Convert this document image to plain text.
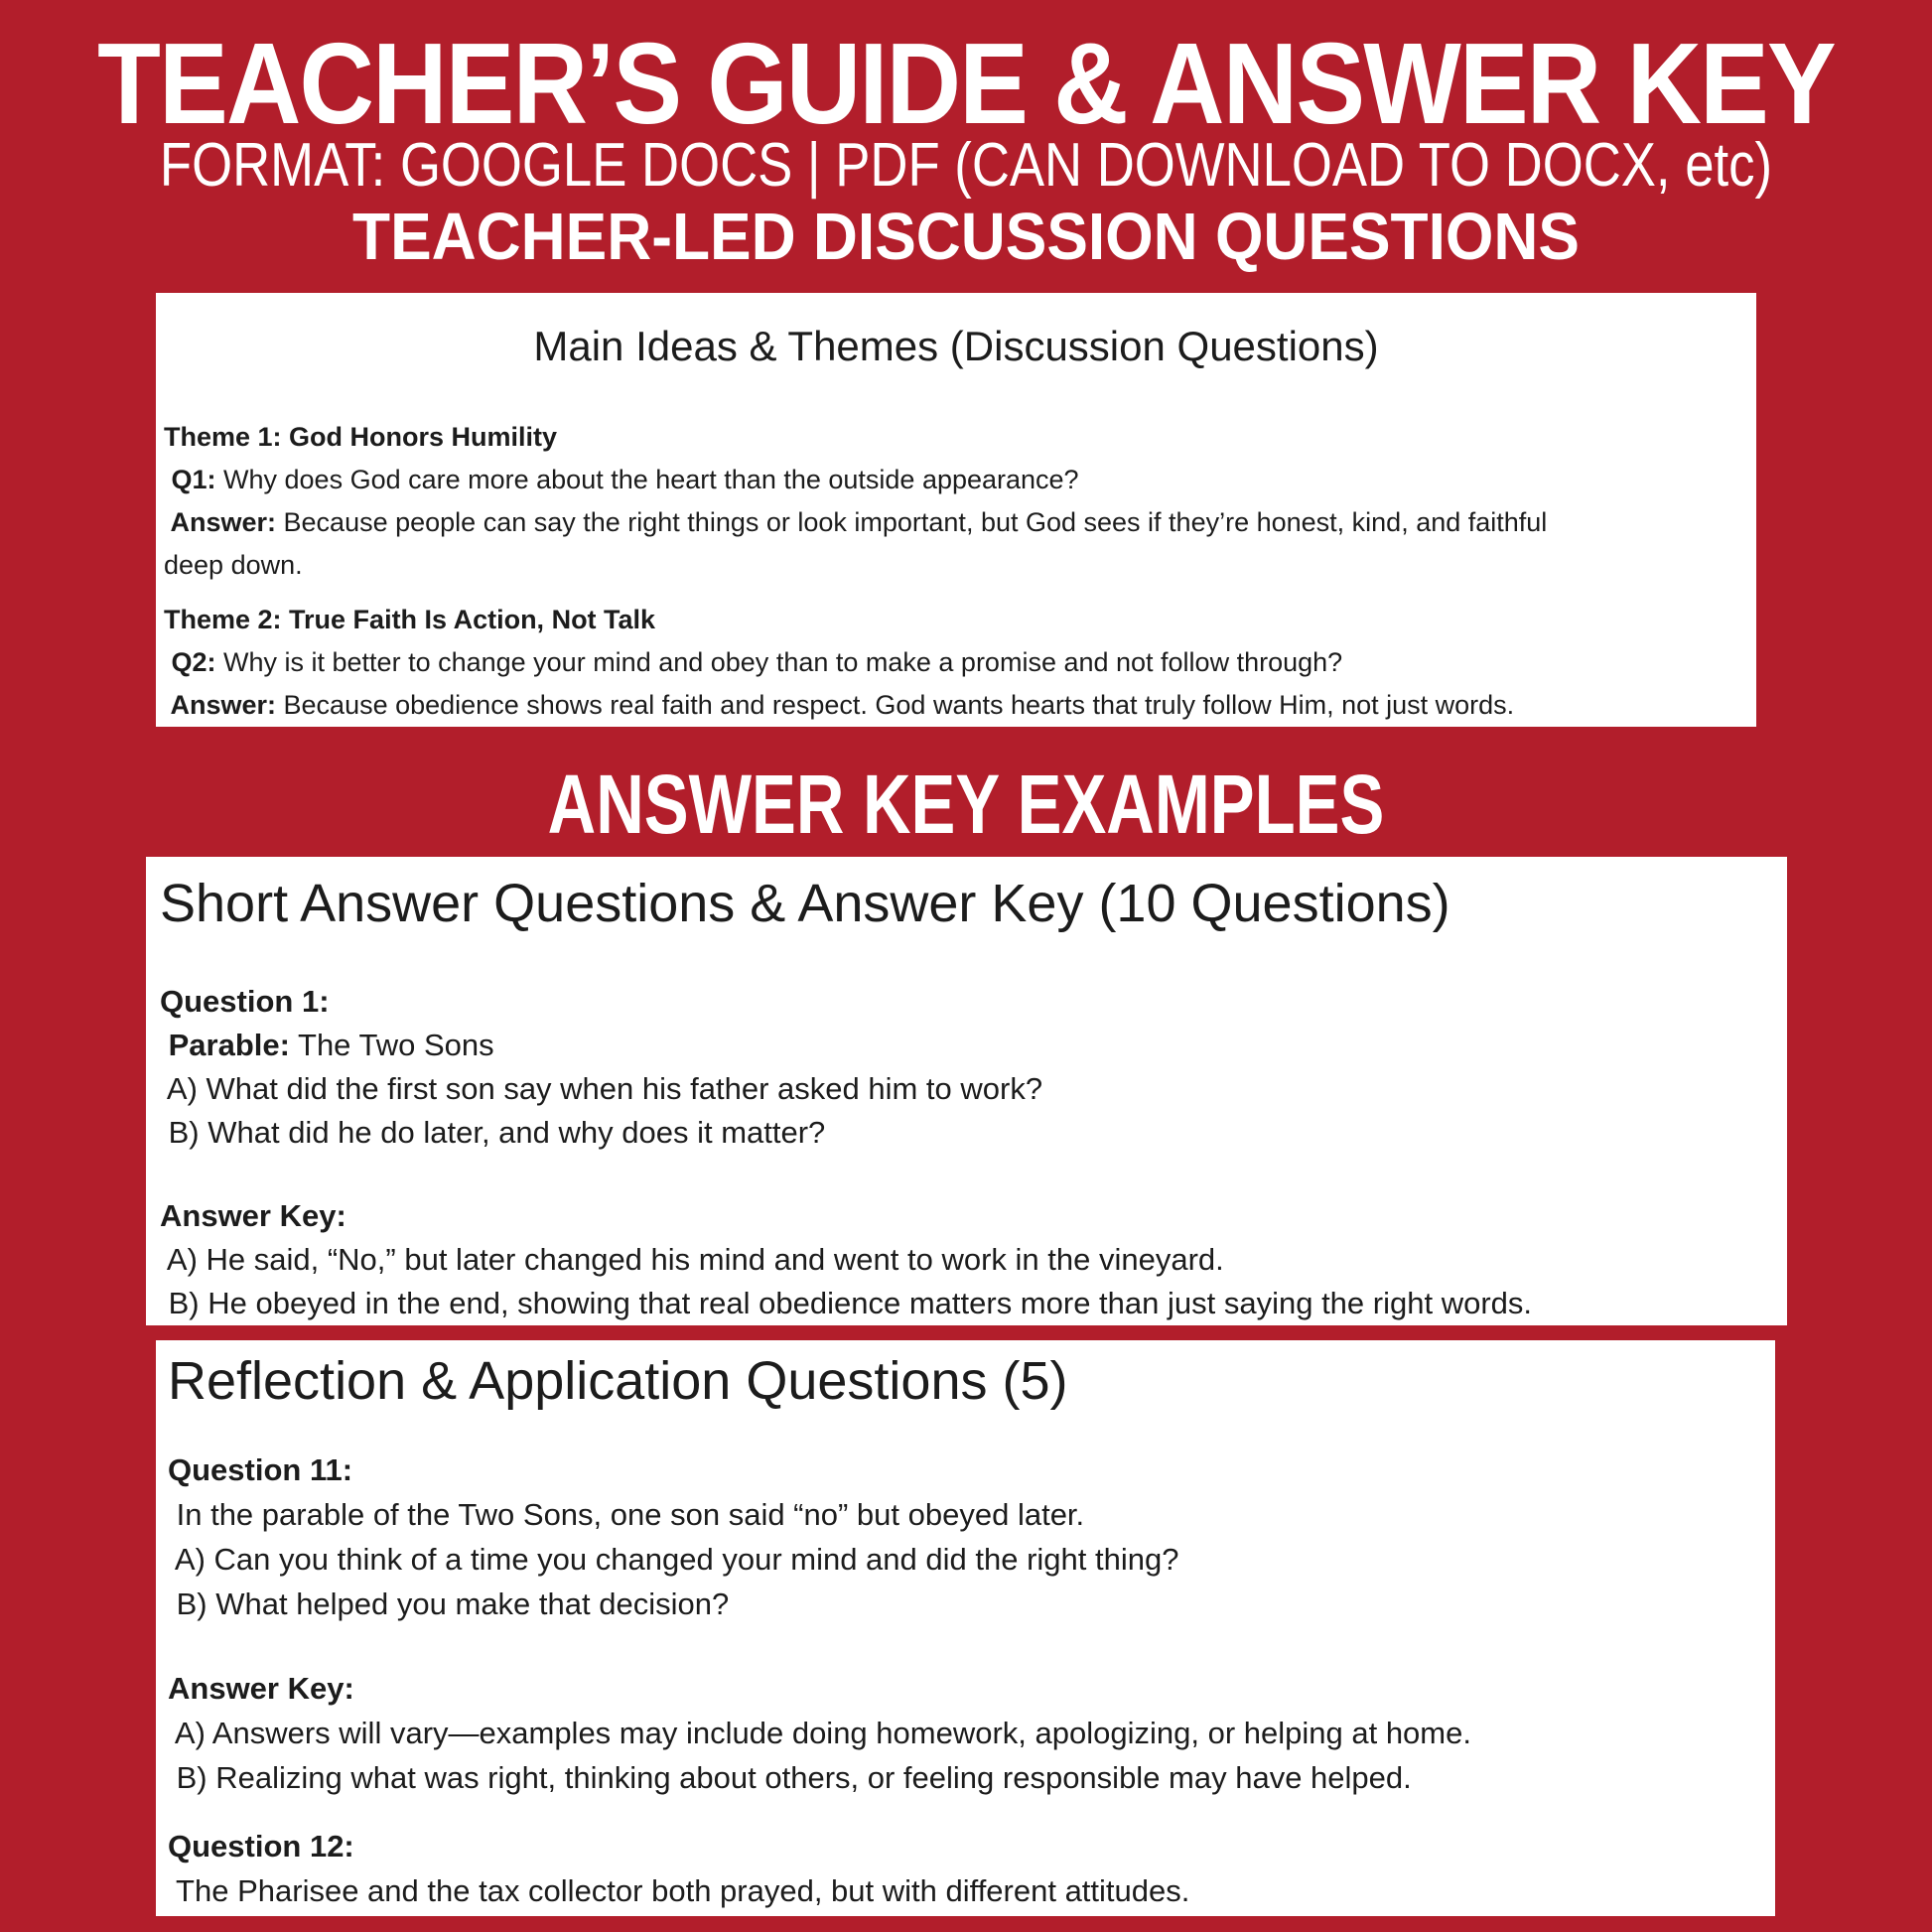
TEACHER’S GUIDE & ANSWER KEY
FORMAT: GOOGLE DOCS | PDF (CAN DOWNLOAD TO DOCX, etc)
TEACHER-LED DISCUSSION QUESTIONS
Main Ideas & Themes (Discussion Questions)
Theme 1: God Honors Humility
Q1: Why does God care more about the heart than the outside appearance?
Answer: Because people can say the right things or look important, but God sees if they’re honest, kind, and faithful
deep down.
Theme 2: True Faith Is Action, Not Talk
Q2: Why is it better to change your mind and obey than to make a promise and not follow through?
Answer: Because obedience shows real faith and respect. God wants hearts that truly follow Him, not just words.
ANSWER KEY EXAMPLES
Short Answer Questions & Answer Key (10 Questions)
Question 1:
Parable: The Two Sons
A) What did the first son say when his father asked him to work?
B) What did he do later, and why does it matter?
Answer Key:
A) He said, “No,” but later changed his mind and went to work in the vineyard.
B) He obeyed in the end, showing that real obedience matters more than just saying the right words.
Reflection & Application Questions (5)
Question 11:
In the parable of the Two Sons, one son said “no” but obeyed later.
A) Can you think of a time you changed your mind and did the right thing?
B) What helped you make that decision?
Answer Key:
A) Answers will vary—examples may include doing homework, apologizing, or helping at home.
B) Realizing what was right, thinking about others, or feeling responsible may have helped.
Question 12:
The Pharisee and the tax collector both prayed, but with different attitudes.
